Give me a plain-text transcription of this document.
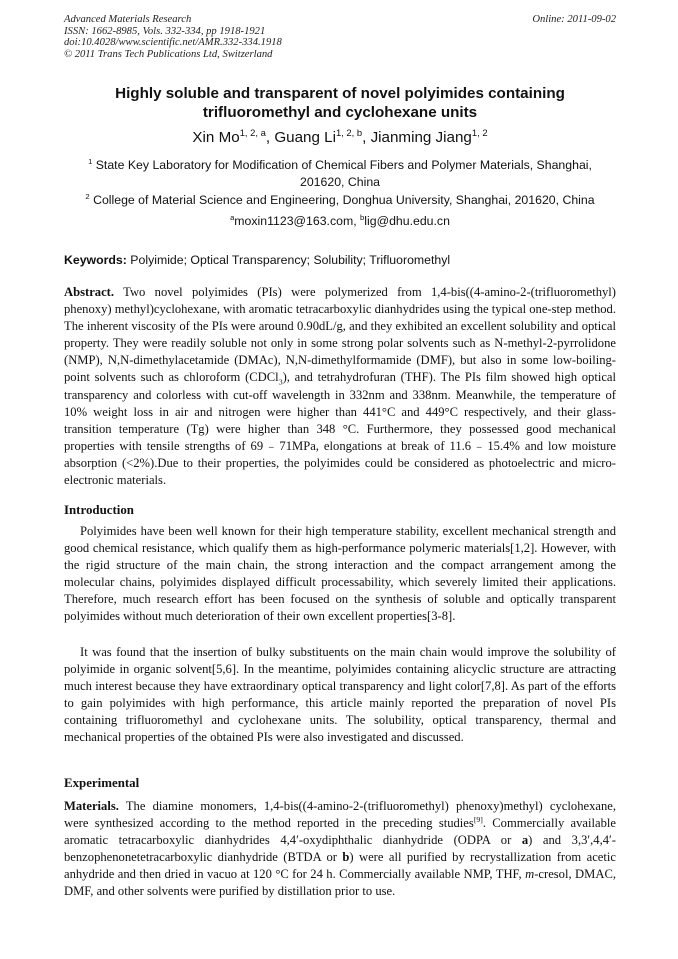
Advanced Materials Research
ISSN: 1662-8985, Vols. 332-334, pp 1918-1921
doi:10.4028/www.scientific.net/AMR.332-334.1918
© 2011 Trans Tech Publications Ltd, Switzerland
Online: 2011-09-02
Highly soluble and transparent of novel polyimides containing
trifluoromethyl and cyclohexane units
Xin Mo$^{1, 2, a}$, Guang Li$^{1, 2, b}$, Jianming Jiang$^{1, 2}$
$^1$ State Key Laboratory for Modification of Chemical Fibers and Polymer Materials, Shanghai, 201620, China
$^2$ College of Material Science and Engineering, Donghua University, Shanghai, 201620, China
$^a$moxin1123@163.com, $^b$lig@dhu.edu.cn
Keywords: Polyimide; Optical Transparency; Solubility; Trifluoromethyl

Abstract. Two novel polyimides (PIs) were polymerized from 1,4-bis((4-amino-2-(trifluoromethyl) phenoxy) methyl)cyclohexane, with aromatic tetracarboxylic dianhydrides using the typical one-step method. The inherent viscosity of the PIs were around 0.90dL/g, and they exhibited an excellent solubility and optical property. They were readily soluble not only in some strong polar solvents such as N-methyl-2-pyrrolidone (NMP), N,N-dimethylacetamide (DMAc), N,N-dimethylformamide (DMF), but also in some low-boiling-point solvents such as chloroform (CDCl$_3$), and tetrahydrofuran (THF). The PIs film showed high optical transparency and colorless with cut-off wavelength in 332nm and 338nm. Meanwhile, the temperature of 10% weight loss in air and nitrogen were higher than 441°C and 449°C respectively, and their glass-transition temperature (Tg) were higher than 348 °C. Furthermore, they possessed good mechanical properties with tensile strengths of 69﹣71MPa, elongations at break of 11.6﹣15.4% and low moisture absorption (<2%).Due to their properties, the polyimides could be considered as photoelectric and micro-electronic materials.

Introduction

Polyimides have been well known for their high temperature stability, excellent mechanical strength and good chemical resistance, which qualify them as high-performance polymeric materials[1,2]. However, with the rigid structure of the main chain, the strong interaction and the compact arrangement among the molecular chains, polyimides displayed difficult processability, which severely limited their applications. Therefore, much research effort has been focused on the synthesis of soluble and optically transparent polyimides without much deterioration of their own excellent properties[3-8].

It was found that the insertion of bulky substituents on the main chain would improve the solubility of polyimide in organic solvent[5,6]. In the meantime, polyimides containing alicyclic structure are attracting much interest because they have extraordinary optical transparency and light color[7,8]. As part of the efforts to gain polyimides with high performance, this article mainly reported the preparation of novel PIs containing trifluoromethyl and cyclohexane units. The solubility, optical transparency, thermal and mechanical properties of the obtained PIs were also investigated and discussed.

Experimental

Materials. The diamine monomers, 1,4-bis((4-amino-2-(trifluoromethyl) phenoxy)methyl) cyclohexane, were synthesized according to the method reported in the preceding studies[9]. Commercially available aromatic tetracarboxylic dianhydrides 4,4′-oxydiphthalic dianhydride (ODPA or a) and 3,3′,4,4′-benzophenonetetracarboxylic dianhydride (BTDA or b) were all purified by recrystallization from acetic anhydride and then dried in vacuo at 120 °C for 24 h. Commercially available NMP, THF, m-cresol, DMAC, DMF, and other solvents were purified by distillation prior to use.
